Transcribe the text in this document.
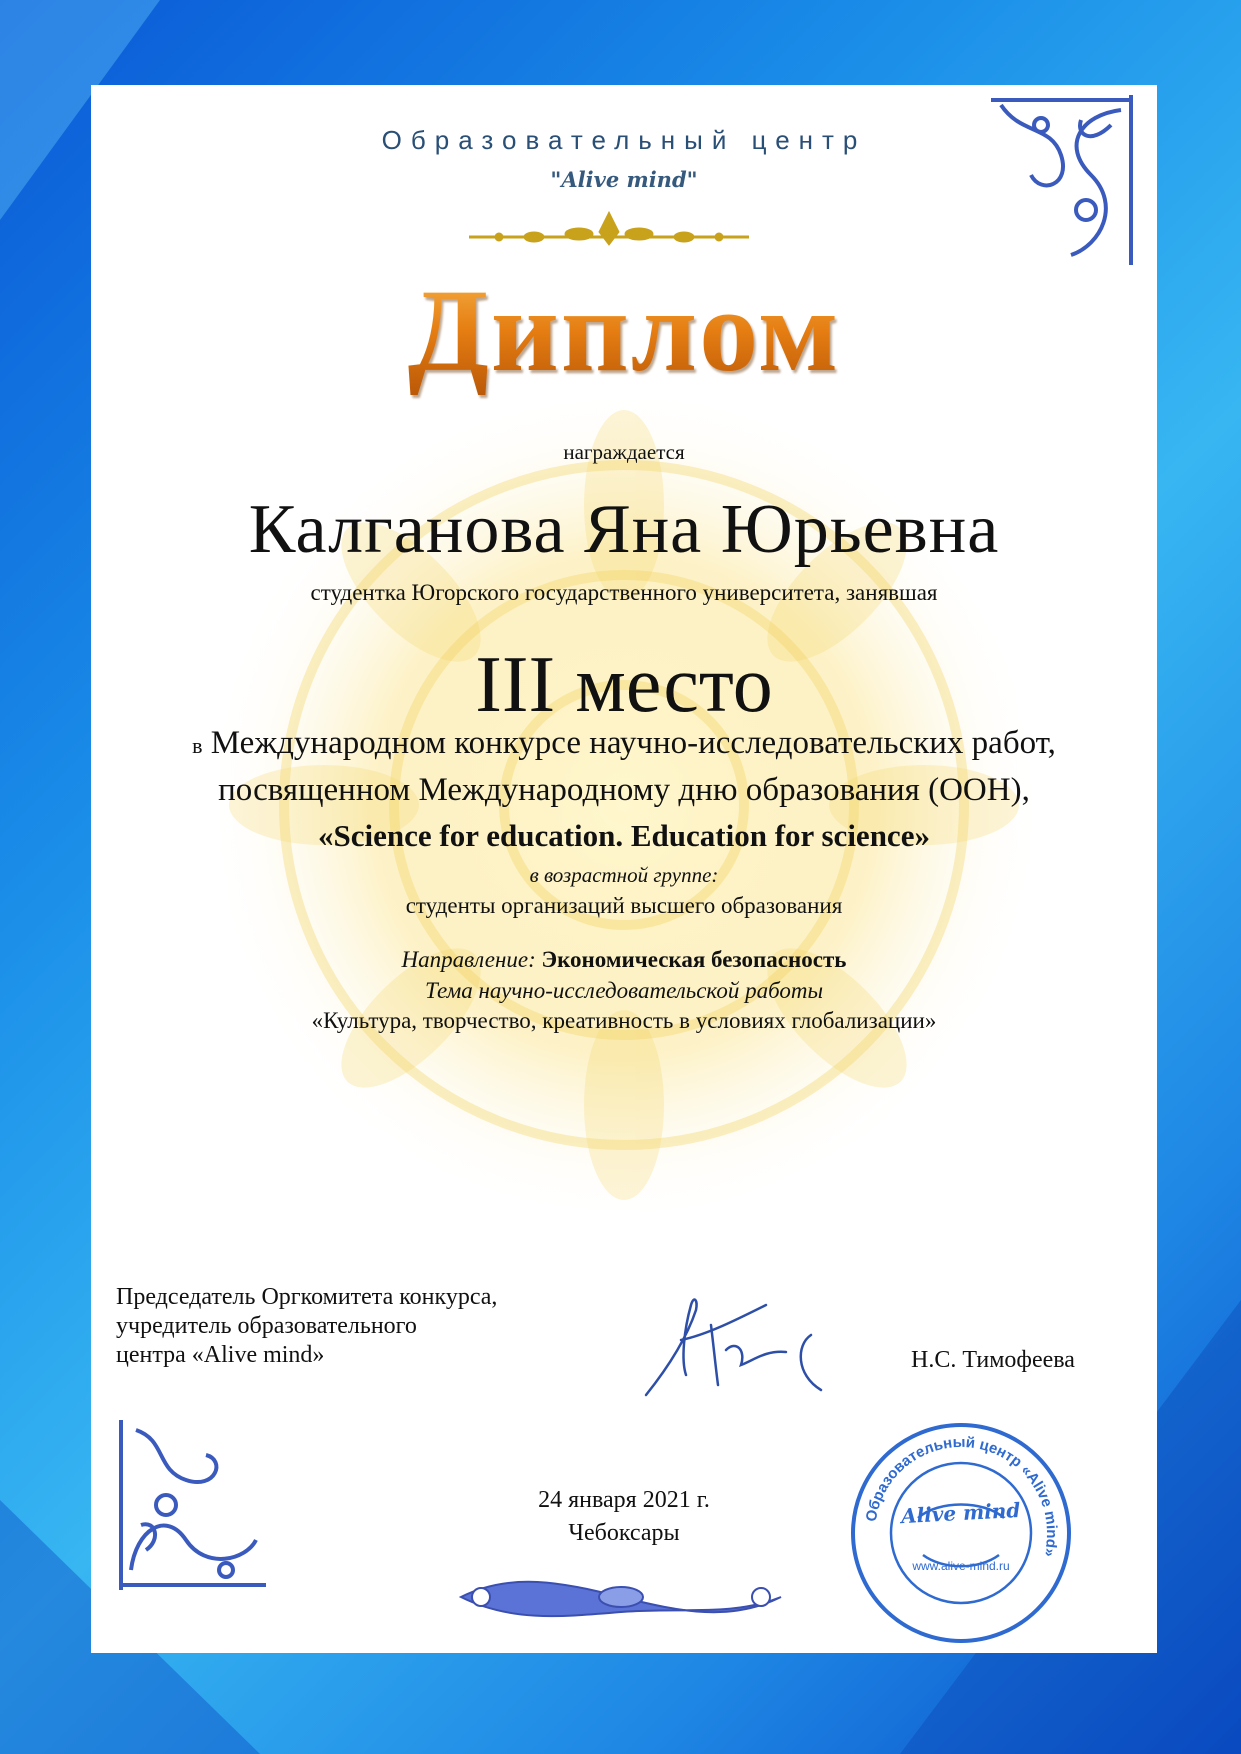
Образовательный центр
"Alive mind"
Диплом
награждается
Калганова Яна Юрьевна
студентка Югорского государственного университета, занявшая
III место
в Международном конкурсе научно-исследовательских работ,
посвященном Международному дню образования (ООН),
«Science for education. Education for science»
в возрастной группе:
студенты организаций высшего образования
Направление: Экономическая безопасность
Тема научно-исследовательской работы
«Культура, творчество, креативность в условиях глобализации»
Председатель Оргкомитета конкурса,
учредитель образовательного
центра «Alive mind»	Н.С. Тимофеева
24 января 2021 г.
Чебоксары
Образовательный центр «Alive mind»
Alive mind
www.alive-mind.ru
